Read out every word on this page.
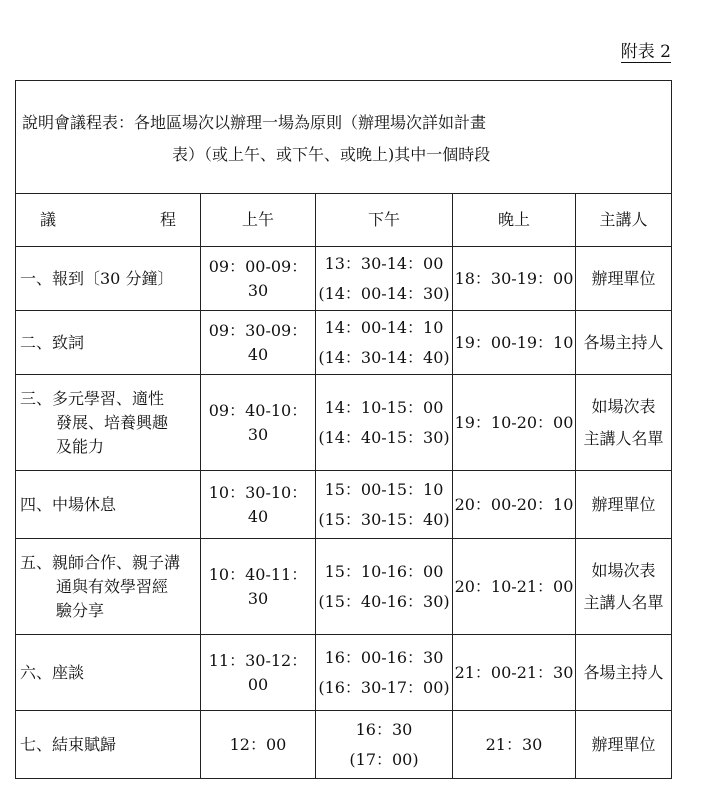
附表 2
說明會議程表：各地區場次以辦理一場為原則（辦理場次詳如計畫
表）（或上午、或下午、或晚上)其中一個時段				

議 程	上午	下午	晚上	主講人

一、報到〔30 分鐘〕	09：00-09：30	13：30-14：00
(14：00-14：30)	18：30-19：00	辦理單位

二、致詞	09：30-09：40	14：00-14：10
(14：30-14：40)	19：00-19：10	各場主持人

三、多元學習、適性
發展、培養興趣
及能力	09：40-10：30	14：10-15：00
(14：40-15：30)	19：10-20：00	如場次表
主講人名單

四、中場休息	10：30-10：40	15：00-15：10
(15：30-15：40)	20：00-20：10	辦理單位

五、親師合作、親子溝
通與有效學習經
驗分享	10：40-11：30	15：10-16：00
(15：40-16：30)	20：10-21：00	如場次表
主講人名單

六、座談	11：30-12：00	16：00-16：30
(16：30-17：00)	21：00-21：30	各場主持人

七、結束賦歸	12：00	16：30
(17：00)	21：30	辦理單位
